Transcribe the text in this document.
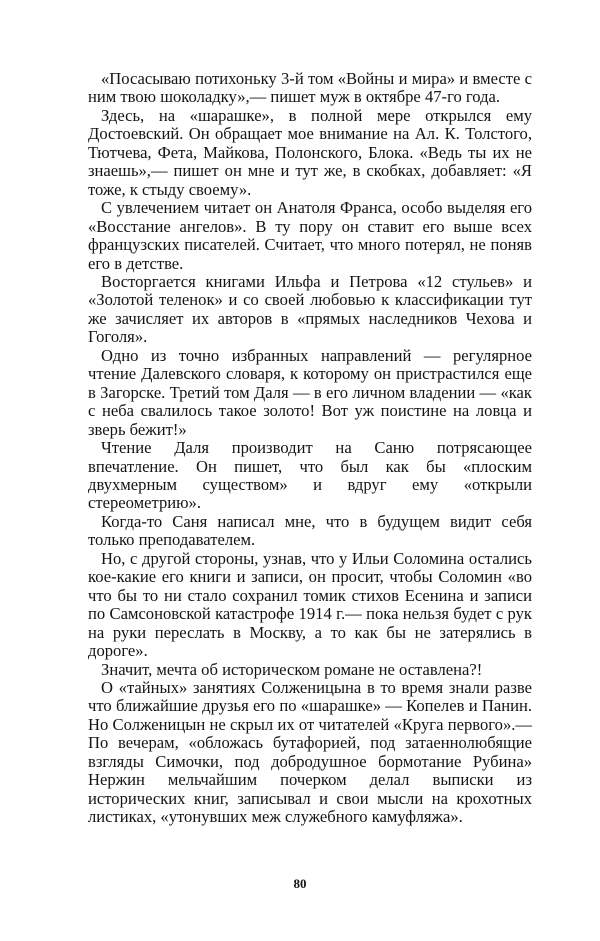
«Посасываю потихоньку 3-й том «Войны и мира» и вместе с ним твою шоколадку»,— пишет муж в октябре 47-го года.

Здесь, на «шарашке», в полной мере открылся ему Достоевский. Он обращает мое внимание на Ал. К. Толстого, Тютчева, Фета, Майкова, Полонского, Блока. «Ведь ты их не знаешь»,— пишет он мне и тут же, в скобках, добавляет: «Я тоже, к стыду своему».

С увлечением читает он Анатоля Франса, особо выделяя его «Восстание ангелов». В ту пору он ставит его выше всех французских писателей. Считает, что много потерял, не поняв его в детстве.

Восторгается книгами Ильфа и Петрова «12 стульев» и «Золотой теленок» и со своей любовью к классификации тут же зачисляет их авторов в «прямых наследников Чехова и Гоголя».

Одно из точно избранных направлений — регулярное чтение Далевского словаря, к которому он пристрастился еще в Загорске. Третий том Даля — в его личном владении — «как с неба свалилось такое золото! Вот уж поистине на ловца и зверь бежит!»

Чтение Даля производит на Саню потрясающее впечатление. Он пишет, что был как бы «плоским двухмерным существом» и вдруг ему «открыли стереометрию».

Когда-то Саня написал мне, что в будущем видит себя только преподавателем.

Но, с другой стороны, узнав, что у Ильи Соломина остались кое-какие его книги и записи, он просит, чтобы Соломин «во что бы то ни стало сохранил томик стихов Есенина и записи по Самсоновской катастрофе 1914 г.— пока нельзя будет с рук на руки переслать в Москву, а то как бы не затерялись в дороге».

Значит, мечта об историческом романе не оставлена?!

О «тайных» занятиях Солженицына в то время знали разве что ближайшие друзья его по «шарашке» — Копелев и Панин. Но Солженицын не скрыл их от читателей «Круга первого».— По вечерам, «обложась бутафорией, под затаеннолюбящие взгляды Симочки, под добродушное бормотание Рубина» Нержин мельчайшим почерком делал выписки из исторических книг, записывал и свои мысли на крохотных листиках, «утонувших меж служебного камуфляжа».

80
